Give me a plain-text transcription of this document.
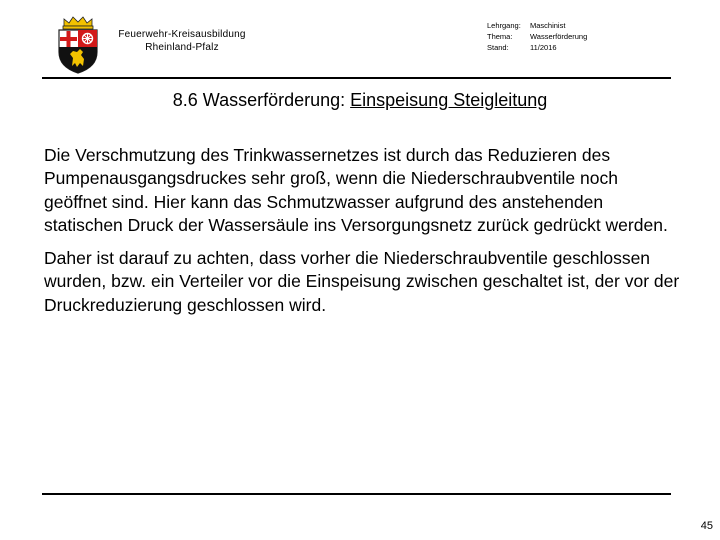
Feuerwehr-Kreisausbildung
Rheinland-Pfalz
Lehrgang:	Maschinist
Thema:	Wasserförderung
Stand:	11/2016
8.6 Wasserförderung: Einspeisung Steigleitung

Die Verschmutzung des Trinkwassernetzes ist durch das Reduzieren des Pumpenausgangsdruckes sehr groß, wenn die Niederschraubventile noch geöffnet sind. Hier kann das Schmutzwasser aufgrund des anstehenden statischen Druck der Wassersäule ins Versorgungsnetz zurück gedrückt werden.

Daher ist darauf zu achten, dass vorher die Niederschraubventile geschlossen wurden, bzw. ein Verteiler vor die Einspeisung zwischen geschaltet ist, der vor der Druckreduzierung geschlossen wird.

45
